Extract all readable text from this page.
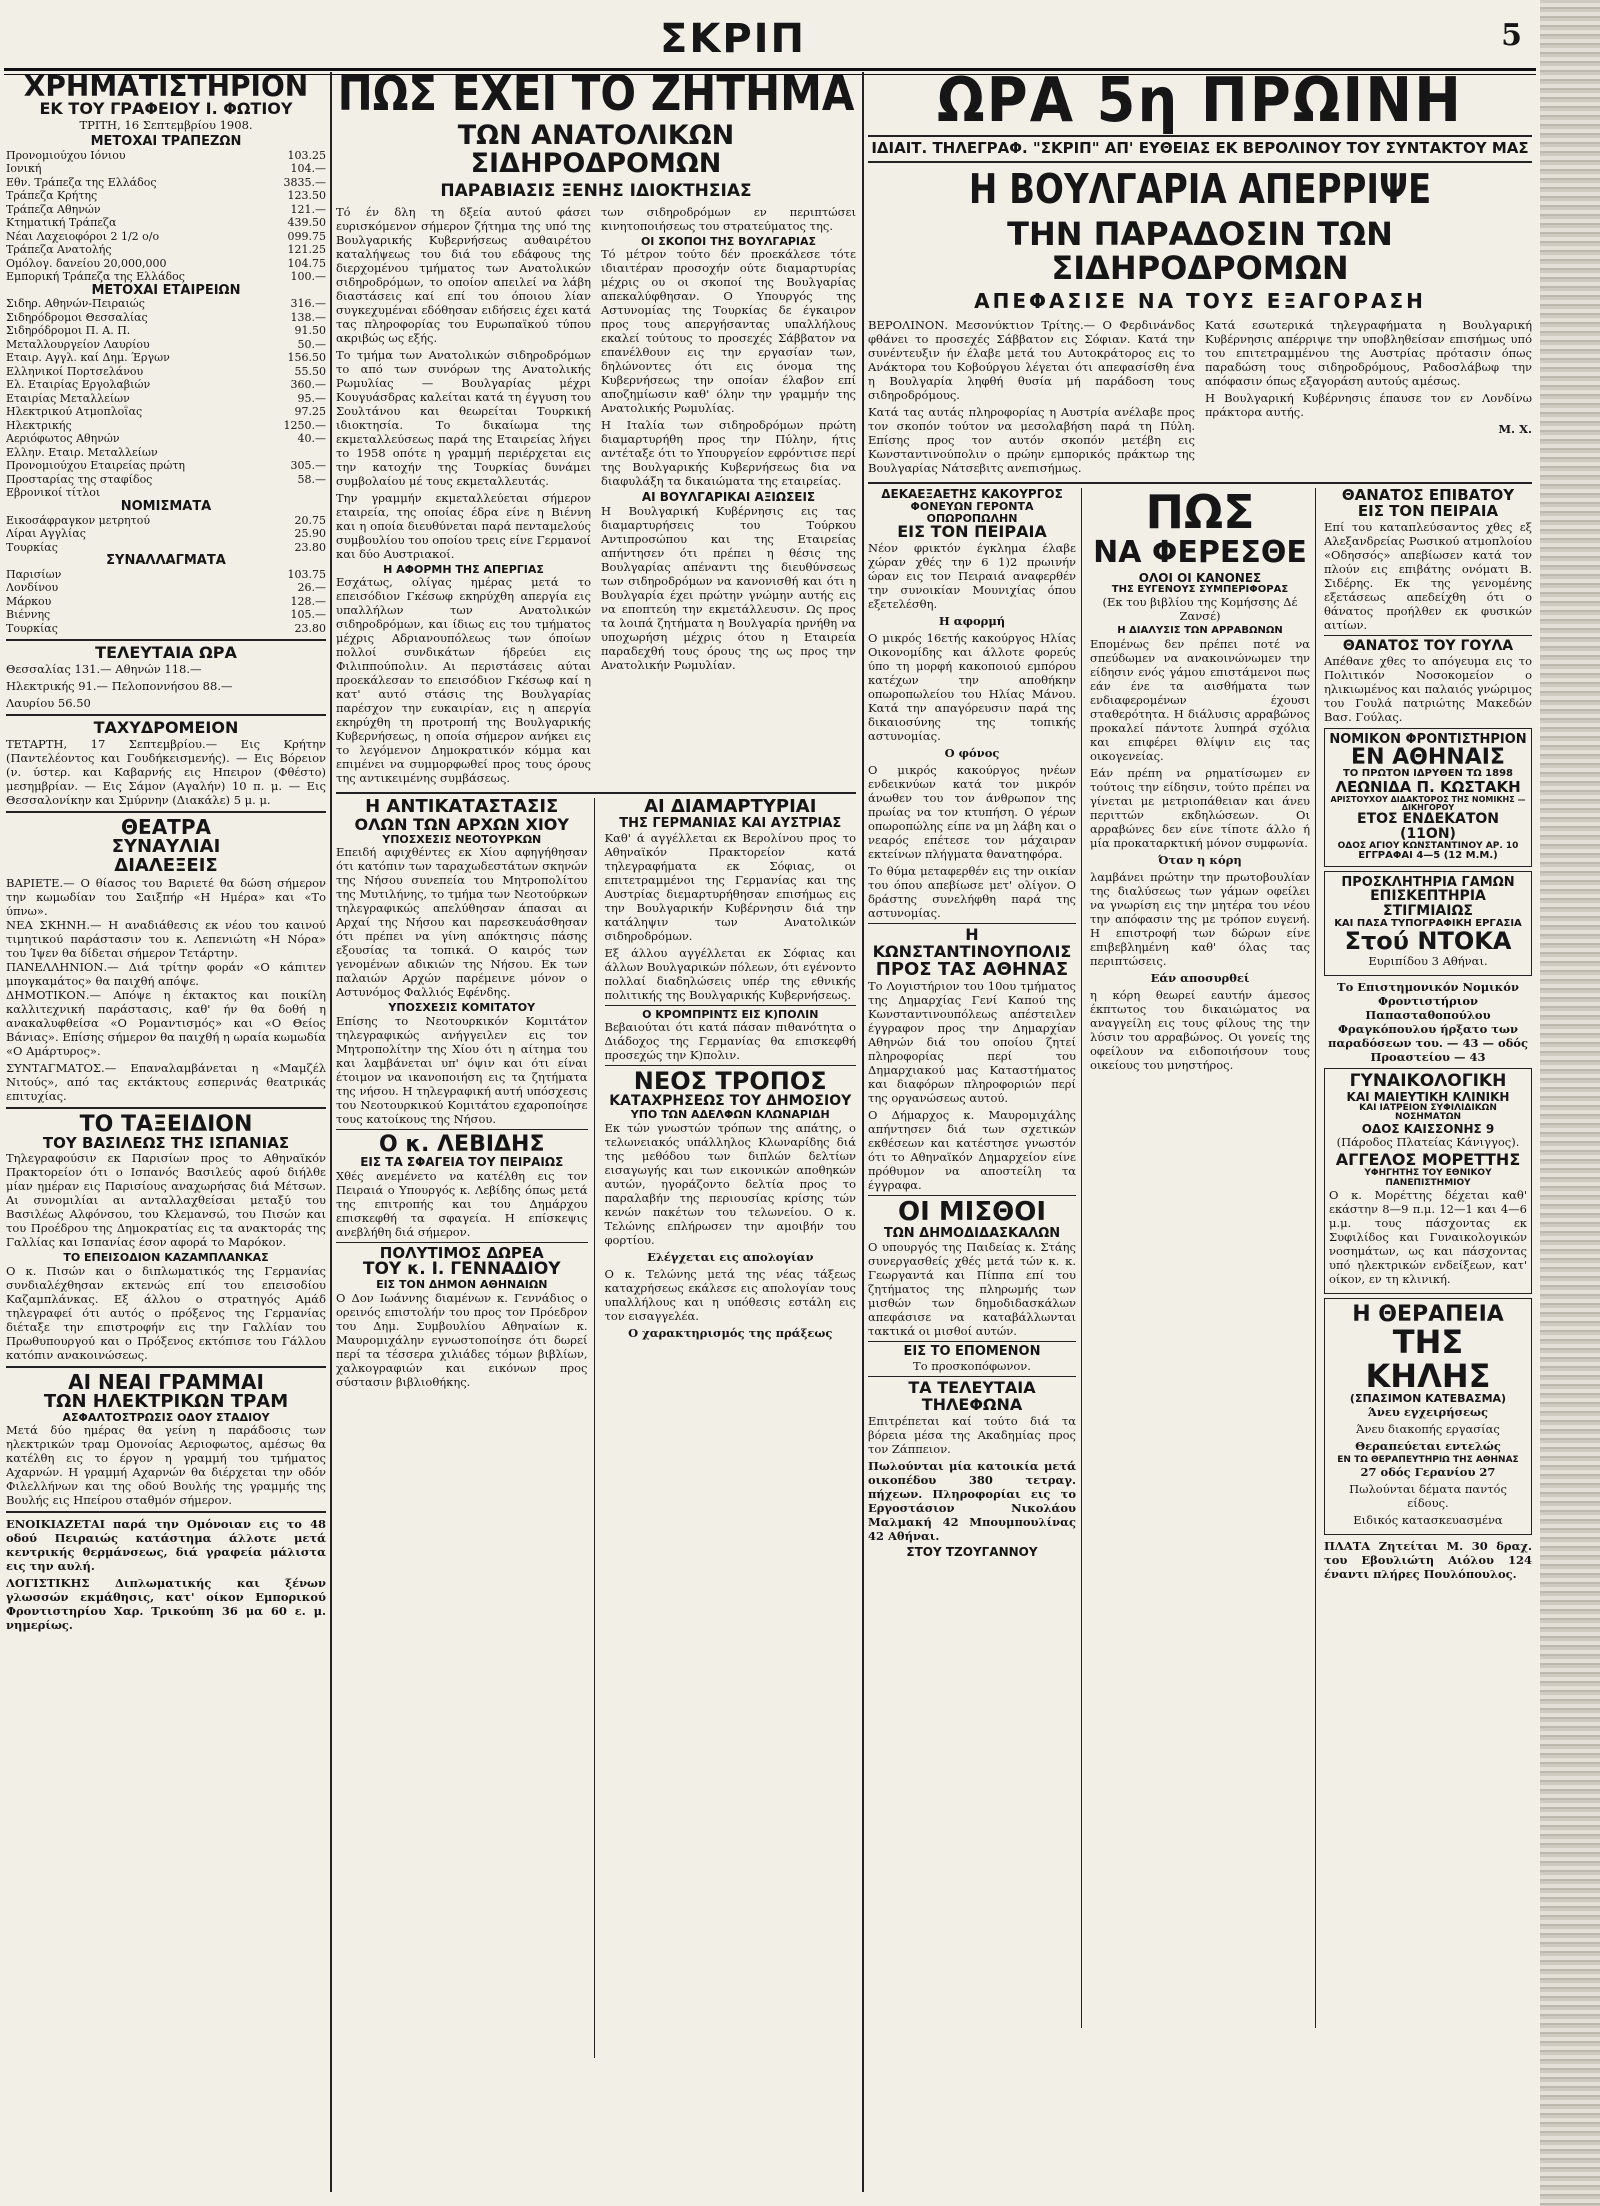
ΣΚΡΙΠ	5
ΧΡΗΜΑΤΙΣΤΗΡΙΟΝ
ΕΚ ΤΟΥ ΓΡΑΦΕΙΟΥ Ι. ΦΩΤΙΟΥ
ΤΡΙΤΗ, 16 Σεπτεμβρίου 1908.
ΜΕΤΟΧΑΙ ΤΡΑΠΕΖΩΝ
Προνομιούχου Ιόνιου	103.25
Ιονική	104.—
Εθν. Τράπεζα της Ελλάδος	3835.—
Τράπεζα Κρήτης	123.50
Τράπεζα Αθηνών	121.—
Κτηματική Τράπεζα	439.50
Νέαι Λαχειοφόροι 2 1/2 ο/ο	099.75
Τράπεζα Ανατολής	121.25
Ομόλογ. δανείου 20,000,000	104.75
Εμπορική Τράπεζα της Ελλάδος	100.—
ΜΕΤΟΧΑΙ ΕΤΑΙΡΕΙΩΝ
Σιδηρ. Αθηνών-Πειραιώς	316.—
Σιδηρόδρομοι Θεσσαλίας	138.—
Σιδηρόδρομοι Π. Α. Π.	91.50
Μεταλλουργείον Λαυρίου	50.—
Εταιρ. Αγγλ. καί Δημ. Έργων	156.50
Ελληνικοί Πορτσελάνου	55.50
Ελ. Εταιρίας Εργολαβιών	360.—
Εταιρίας Μεταλλείων	95.—
Ηλεκτρικού Ατμοπλοΐας	97.25
Ηλεκτρικής	1250.—
Αεριόφωτος Αθηνών	40.—
Ελλην. Εταιρ. Μεταλλείων
Προνομιούχου Εταιρείας πρώτη	305.—
Προσταρίας της σταφίδος	58.—
Εβρονικοί τίτλοι
ΝΟΜΙΣΜΑΤΑ
Εικοσάφραγκον μετρητού	20.75
Λίραι Αγγλίας	25.90
Τουρκίας	23.80
ΣΥΝΑΛΛΑΓΜΑΤΑ
Παρισίων	103.75
Λονδίνου	26.—
Μάρκου	128.—
Βιέννης	105.—
Τουρκίας	23.80
ΤΕΛΕΥΤΑΙΑ ΩΡΑ
Θεσσαλίας 131.— Αθηνών 118.—
Ηλεκτρικής 91.— Πελοποννήσου 88.—
Λαυρίου 56.50
ΤΑΧΥΔΡΟΜΕΙΟΝ
ΤΕΤΑΡΤΗ, 17 Σεπτεμβρίου.— Εις Κρήτην (Παντελέοντος και Γουδήκεισμενής). — Εις Βόρειον (ν. ύστερ. και Καβαρνής εις Ηπειρον (Φθέστο) μεσημβρίαν. — Εις Σάμον (Αγαλήν) 10 π. μ. — Εις Θεσσαλονίκην και Σμύρνην (Διακάλε) 5 μ. μ.
ΘΕΑΤΡΑ
ΣΥΝΑΥΛΙΑΙ
ΔΙΑΛΕΞΕΙΣ
ΒΑΡΙΕΤΕ.— Ο θίασος του Βαριετέ θα δώση σήμερον την κωμωδίαν του Σαιξπήρ «Η Ημέρα» και «Το ύπνω».
ΝΕΑ ΣΚΗΝΗ.— Η αναδιάθεσις εκ νέου του καινού τιμητικού παράστασιν του κ. Λεπενιώτη «Η Νόρα» του Ίψεν θα δίδεται σήμερον Τετάρτην.
ΠΑΝΕΛΛΗΝΙΟΝ.— Διά τρίτην φοράν «Ο κάπιτεν μπογκαμάτος» θα παιχθή απόψε.
ΔΗΜΟΤΙΚΟΝ.— Απόψε η έκτακτος και ποικίλη καλλιτεχνική παράστασις, καθ' ήν θα δοθή η ανακαλυφθείσα «Ο Ρομαντισμός» και «Ο Θείος Βάνιας». Επίσης σήμερον θα παιχθή η ωραία κωμωδία «Ο Αμάρτυρος».
ΣΥΝΤΑΓΜΑΤΟΣ.— Επαναλαμβάνεται η «Μαμζέλ Νιτούς», από τας εκτάκτους εσπερινάς θεατρικάς επιτυχίας.
ΤΟ ΤΑΞΕΙΔΙΟΝ
ΤΟΥ ΒΑΣΙΛΕΩΣ ΤΗΣ ΙΣΠΑΝΙΑΣ
Τηλεγραφούσιν εκ Παρισίων προς το Αθηναϊκόν Πρακτορείον ότι ο Ισπανός Βασιλεύς αφού διήλθε μίαν ημέραν εις Παρισίους αναχωρήσας διά Μέτσων. Αι συνομιλίαι αι ανταλλαχθείσαι μεταξύ του Βασιλέως Αλφόνσου, του Κλεμανσώ, του Πισών και του Προέδρου της Δημοκρατίας εις τα ανακτοράς της Γαλλίας και Ισπανίας έσον αφορά το Μαρόκον.
ΤΟ ΕΠΕΙΣΟΔΙΟΝ ΚΑΖΑΜΠΛΑΝΚΑΣ
Ο κ. Πισών και ο διπλωματικός της Γερμανίας συνδιαλέχθησαν εκτενώς επί του επεισοδίου Καζαμπλάνκας. Εξ άλλου ο στρατηγός Αμάδ τηλεγραφεί ότι αυτός ο πρόξενος της Γερμανίας διέταξε την επιστροφήν εις την Γαλλίαν του Πρωθυπουργού και ο Πρόξενος εκτόπισε του Γάλλου κατόπιν ανακοινώσεως.
ΑΙ ΝΕΑΙ ΓΡΑΜΜΑΙ
ΤΩΝ ΗΛΕΚΤΡΙΚΩΝ ΤΡΑΜ
ΑΣΦΑΛΤΟΣΤΡΩΣΙΣ ΟΔΟΥ ΣΤΑΔΙΟΥ
Μετά δύο ημέρας θα γείνη η παράδοσις των ηλεκτρικών τραμ Ομονοίας Αεριοφωτος, αμέσως θα κατέλθη εις το έργον η γραμμή του τμήματος Αχαρνών. Η γραμμή Αχαρνών θα διέρχεται την οδόν Φιλελλήνων και της οδού Βουλής της γραμμής της Βουλής εις Ηπείρου σταθμόν σήμερον.
ΕΝΟΙΚΙΑΖΕΤΑΙ παρά την Ομόνοιαν εις το 48 οδού Πειραιώς κατάστημα άλλοτε μετά κεντρικής θερμάνσεως, διά γραφεία μάλιστα εις την αυλή.
ΛΟΓΙΣΤΙΚΗΣ Διπλωματικής και ξένων γλωσσών εκμάθησις, κατ' οίκον Εμπορικού Φροντιστηρίου Χαρ. Τρικούπη 36 μα 60 ε. μ. νημερίως.
ΠΩΣ ΕΧΕΙ ΤΟ ΖΗΤΗΜΑ
ΤΩΝ ΑΝΑΤΟΛΙΚΩΝ ΣΙΔΗΡΟΔΡΟΜΩΝ
ΠΑΡΑΒΙΑΣΙΣ ΞΕΝΗΣ ΙΔΙΟΚΤΗΣΙΑΣ
Τό έν δλη τη δξεία αυτού φάσει ευρισκόμενον σήμερον ζήτημα της υπό της Βουλγαρικής Κυβερνήσεως αυθαιρέτου καταλήψεως του διά του εδάφους της διερχομένου τμήματος των Ανατολικών σιδηροδρόμων, το οποίον απειλεί να λάβη διαστάσεις καί επί του όποιου λίαν συγκεχυμέναι εδόθησαν ειδήσεις έχει κατά τας πληροφορίας του Ευρωπαϊκού τύπου ακριβώς ως εξής.
Το τμήμα των Ανατολικών σιδηροδρόμων το από των συνόρων της Ανατολικής Ρωμυλίας — Βουλγαρίας μέχρι Κουγυάσδρας καλείται κατά τη έγγυση του Σουλτάνου και θεωρείται Τουρκική ιδιοκτησία. Το δικαίωμα της εκμεταλλεύσεως παρά της Εταιρείας λήγει το 1958 οπότε η γραμμή περιέρχεται εις την κατοχήν της Τουρκίας δυνάμει συμβολαίου μέ τους εκμεταλλευτάς.
Την γραμμήν εκμεταλλεύεται σήμερον εταιρεία, της οποίας έδρα είνε η Βιέννη και η οποία διευθύνεται παρά πενταμελούς συμβουλίου του οποίου τρεις είνε Γερμανοί και δύο Αυστριακοί.
Η ΑΦΟΡΜΗ ΤΗΣ ΑΠΕΡΓΙΑΣ
Εσχάτως, ολίγας ημέρας μετά το επεισόδιον Γκέσωφ εκηρύχθη απεργία εις υπαλλήλων των Ανατολικών σιδηροδρόμων, και ίδιως εις του τμήματος μέχρις Αδριανουπόλεως των όποίων πολλοί συνδικάτων ήδρεύει εις Φιλιππούπολιν. Αι περιστάσεις αύται προεκάλεσαν το επεισόδιον Γκέσωφ καί η κατ' αυτό στάσις της Βουλγαρίας παρέσχον την ευκαιρίαν, εις η απεργία εκηρύχθη τη προτροπή της Βουλγαρικής Κυβερνήσεως, η οποία σήμερον ανήκει εις το λεγόμενον Δημοκρατικόν κόμμα και επιμένει να συμμορφωθεί προς τους όρους της αντικειμένης συμβάσεως.
των σιδηροδρόμων εν περιπτώσει κινητοποιήσεως του στρατεύματος της.
ΟΙ ΣΚΟΠΟΙ ΤΗΣ ΒΟΥΛΓΑΡΙΑΣ
Τό μέτρον τούτο δέν προεκάλεσε τότε ιδιαιτέραν προσοχήν ούτε διαμαρτυρίας μέχρις ου οι σκοποί της Βουλγαρίας απεκαλύφθησαν. Ο Υπουργός της Αστυνομίας της Τουρκίας δε έγκαιρον προς τους απεργήσαντας υπαλλήλους εκαλεί τούτους το προσεχές Σάββατον να επανέλθουν εις την εργασίαν των, δηλώνοντες ότι εις όνομα της Κυβερνήσεως την οποίαν έλαβον επί αποζημίωσιν καθ' όλην την γραμμήν της Ανατολικής Ρωμυλίας.
Η Ιταλία των σιδηροδρόμων πρώτη διαμαρτυρήθη προς την Πύλην, ήτις αντέταξε ότι το Υπουργείον εφρόντισε περί της Βουλγαρικής Κυβερνήσεως δια να διαφυλάξη τα δικαιώματα της εταιρείας.
ΑΙ ΒΟΥΛΓΑΡΙΚΑΙ ΑΞΙΩΣΕΙΣ
Η Βουλγαρική Κυβέρνησις εις τας διαμαρτυρήσεις του Τούρκου Αντιπροσώπου και της Εταιρείας απήντησεν ότι πρέπει η θέσις της Βουλγαρίας απέναντι της διευθύνσεως των σιδηροδρόμων να κανονισθή και ότι η Βουλγαρία έχει πρώτην γνώμην αυτής εις να εποπτεύη την εκμετάλλευσιν. Ως προς τα λοιπά ζητήματα η Βουλγαρία ηρνήθη να υποχωρήση μέχρις ότου η Εταιρεία παραδεχθή τους όρους της ως προς την Ανατολικήν Ρωμυλίαν.
Η ΑΝΤΙΚΑΤΑΣΤΑΣΙΣ
ΟΛΩΝ ΤΩΝ ΑΡΧΩΝ ΧΙΟΥ
ΥΠΟΣΧΕΣΙΣ ΝΕΟΤΟΥΡΚΩΝ
Επειδή αφιχθέντες εκ Χίου αφηγήθησαν ότι κατόπιν των ταραχωδεστάτων σκηνών της Νήσου συνεπεία του Μητροπολίτου της Μυτιλήνης, το τμήμα των Νεοτούρκων τηλεγραφικώς απελύθησαν άπασαι αι Αρχαί της Νήσου και παρεσκευάσθησαν ότι πρέπει να γίνη απόκτησις πάσης εξουσίας τα τοπικά. Ο καιρός των γενομένων αδικιών της Νήσου. Εκ των παλαιών Αρχών παρέμεινε μόνον ο Αστυνόμος Φαλλιός Εφένδης.
ΥΠΟΣΧΕΣΙΣ ΚΟΜΙΤΑΤΟΥ
Επίσης το Νεοτουρκικόν Κομιτάτον τηλεγραφικώς ανήγγειλεν εις τον Μητροπολίτην της Χίου ότι η αίτημα του και λαμβάνεται υπ' όψιν και ότι είναι έτοιμον να ικανοποιήση εις τα ζητήματα της νήσου. Η τηλεγραφική αυτή υπόσχεσις του Νεοτουρκικού Κομιτάτου εχαροποίησε τους κατοίκους της Νήσου.
Ο κ. ΛΕΒΙΔΗΣ
ΕΙΣ ΤΑ ΣΦΑΓΕΙΑ ΤΟΥ ΠΕΙΡΑΙΩΣ
Χθές ανεμένετο να κατέλθη εις τον Πειραιά ο Υπουργός κ. Λεβίδης όπως μετά της επιτροπής και του Δημάρχου επισκεφθή τα σφαγεία. Η επίσκεψις ανεβλήθη διά σήμερον.
ΠΟΛΥΤΙΜΟΣ ΔΩΡΕΑ
ΤΟΥ κ. Ι. ΓΕΝΝΑΔΙΟΥ
ΕΙΣ ΤΟΝ ΔΗΜΟΝ ΑΘΗΝΑΙΩΝ
Ο Δον Ιωάννης διαμένων κ. Γεννάδιος ο ορεινός επιστολήν του προς τον Πρόεδρον του Δημ. Συμβουλίου Αθηναίων κ. Μαυρομιχάλην εγνωστοποίησε ότι δωρεί περί τα τέσσερα χιλιάδες τόμων βιβλίων, χαλκογραφιών και εικόνων προς σύστασιν βιβλιοθήκης.
ΑΙ ΔΙΑΜΑΡΤΥΡΙΑΙ
ΤΗΣ ΓΕΡΜΑΝΙΑΣ ΚΑΙ ΑΥΣΤΡΙΑΣ
Καθ' ά αγγέλλεται εκ Βερολίνου προς το Αθηναϊκόν Πρακτορείον κατά τηλεγραφήματα εκ Σόφιας, οι επιτετραμμένοι της Γερμανίας και της Αυστρίας διεμαρτυρήθησαν επισήμως εις την Βουλγαρικήν Κυβέρνησιν διά την κατάληψιν των Ανατολικών σιδηροδρόμων.
Εξ άλλου αγγέλλεται εκ Σόφιας και άλλων Βουλγαρικών πόλεων, ότι εγένοντο πολλαί διαδηλώσεις υπέρ της εθνικής πολιτικής της Βουλγαρικής Κυβερνήσεως.
Ο ΚΡΟΜΠΡΙΝΤΣ ΕΙΣ Κ)ΠΟΛΙΝ
Βεβαιούται ότι κατά πάσαν πιθανότητα ο Διάδοχος της Γερμανίας θα επισκεφθή προσεχώς την Κ)πολιν.
ΝΕΟΣ ΤΡΟΠΟΣ
ΚΑΤΑΧΡΗΣΕΩΣ ΤΟΥ ΔΗΜΟΣΙΟΥ
ΥΠΟ ΤΩΝ ΑΔΕΛΦΩΝ ΚΛΩΝΑΡΙΔΗ
Εκ τών γνωστών τρόπων της απάτης, ο τελωνειακός υπάλληλος Κλωναρίδης διά της μεθόδου των διπλών δελτίων εισαγωγής και των εικονικών αποθηκών αυτών, ηγοράζοντο δελτία προς το παραλαβήν της περιουσίας κρίσης τών κενών πακέτων του τελωνείου. Ο κ. Τελώνης επλήρωσεν την αμοιβήν του φορτίου.
Ελέγχεται εις απολογίαν
Ο κ. Τελώνης μετά της νέας τάξεως καταχρήσεως εκάλεσε εις απολογίαν τους υπαλλήλους και η υπόθεσις εστάλη εις τον εισαγγελέα.
Ο χαρακτηρισμός της πράξεως
ΩΡΑ 5η ΠΡΩΙΝΗ
ΙΔΙΑΙΤ. ΤΗΛΕΓΡΑΦ. "ΣΚΡΙΠ" ΑΠ' ΕΥΘΕΙΑΣ ΕΚ ΒΕΡΟΛΙΝΟΥ ΤΟΥ ΣΥΝΤΑΚΤΟΥ ΜΑΣ
Η ΒΟΥΛΓΑΡΙΑ ΑΠΕΡΡΙΨΕ
ΤΗΝ ΠΑΡΑΔΟΣΙΝ ΤΩΝ ΣΙΔΗΡΟΔΡΟΜΩΝ
ΑΠΕΦΑΣΙΣΕ ΝΑ ΤΟΥΣ ΕΞΑΓΟΡΑΣΗ
ΒΕΡΟΛΙΝΟΝ. Μεσονύκτιον Τρίτης.— Ο Φερδινάνδος φθάνει το προσεχές Σάββατον εις Σόφιαν. Κατά την συνέντευξιν ήν έλαβε μετά του Αυτοκράτορος εις το Ανάκτορα του Κοβούργου λέγεται ότι απεφασίσθη ένα η Βουλγαρία ληφθή θυσία μή παράδοση τους σιδηροδρόμους.
Κατά τας αυτάς πληροφορίας η Αυστρία ανέλαβε προς τον σκοπόν τούτον να μεσολαβήση παρά τη Πύλη. Επίσης προς τον αυτόν σκοπόν μετέβη εις Κωνσταντινούπολιν ο πρώην εμπορικός πράκτωρ της Βουλγαρίας Νάτσεβιτς ανεπισήμως.
Κατά εσωτερικά τηλεγραφήματα η Βουλγαρική Κυβέρνησις απέρριψε την υποβληθείσαν επισήμως υπό του επιτετραμμένου της Αυστρίας πρότασιν όπως παραδώση τους σιδηροδρόμους, Ραδοσλάβωφ την απόφασιν όπως εξαγοράση αυτούς αμέσως.
Η Βουλγαρική Κυβέρνησις έπαυσε τον εν Λονδίνω πράκτορα αυτής.
Μ. Χ.
ΔΕΚΑΕΞΑΕΤΗΣ ΚΑΚΟΥΡΓΟΣ
ΦΟΝΕΥΩΝ ΓΕΡΟΝΤΑ ΟΠΩΡΟΠΩΛΗΝ
ΕΙΣ ΤΟΝ ΠΕΙΡΑΙΑ
Νέον φρικτόν έγκλημα έλαβε χώραν χθές την 6 1)2 πρωινήν ώραν εις τον Πειραιά αναφερθέν την συνοικίαν Μουνιχίας όπου εξετελέσθη.
Η αφορμή
Ο μικρός 16ετής κακούργος Ηλίας Οικονομίδης και άλλοτε φορεύς ύπο τη μορφή κακοποιού εμπόρου κατέχων την αποθήκην οπωροπωλείου του Ηλίας Μάνου. Κατά την απαγόρευσιν παρά της δικαιοσύνης της τοπικής αστυνομίας.
Ο φόνος
Ο μικρός κακούργος ηνέων ενδεικνύων κατά τον μικρόν άνωθεν του τον άνθρωπον της πρωίας να τον κτυπήση. Ο γέρων οπωροπώλης είπε να μη λάβη και ο νεαρός επέτεσε τον μάχαιραν εκτείνων πλήγματα θανατηφόρα.
Το θύμα μεταφερθέν εις την οικίαν του όπου απεβίωσε μετ' ολίγον. Ο δράστης συνελήφθη παρά της αστυνομίας.
Η ΚΩΝΣΤΑΝΤΙΝΟΥΠΟΛΙΣ
ΠΡΟΣ ΤΑΣ ΑΘΗΝΑΣ
Το Λογιστήριον του 10ου τμήματος της Δημαρχίας Γενί Καπού της Κωνσταντινουπόλεως απέστειλεν έγγραφον προς την Δημαρχίαν Αθηνών διά του οποίου ζητεί πληροφορίας περί του Δημαρχιακού μας Καταστήματος και διαφόρων πληροφοριών περί της οργανώσεως αυτού.
Ο Δήμαρχος κ. Μαυρομιχάλης απήντησεν διά των σχετικών εκθέσεων και κατέστησε γνωστόν ότι το Αθηναϊκόν Δημαρχείον είνε πρόθυμον να αποστείλη τα έγγραφα.
ΟΙ ΜΙΣΘΟΙ
ΤΩΝ ΔΗΜΟΔΙΔΑΣΚΑΛΩΝ
Ο υπουργός της Παιδείας κ. Στάης συνεργασθείς χθές μετά τών κ. κ. Γεωργαντά και Πίππα επί του ζητήματος της πληρωμής των μισθών των δημοδιδασκάλων απεφάσισε να καταβάλλωνται τακτικά οι μισθοί αυτών.
ΕΙΣ ΤΟ ΕΠΟΜΕΝΟΝ
Το προσκοπόφωνον.
ΤΑ ΤΕΛΕΥΤΑΙΑ ΤΗΛΕΦΩΝΑ
Επιτρέπεται καί τούτο διά τα βόρεια μέσα της Ακαδημίας προς τον Ζάππειον.
Πωλούνται μία κατοικία μετά οικοπέδου 380 τετραγ. πήχεων. Πληροφορίαι εις το Εργοστάσιον Νικολάου Μαλμακή 42 Μπουμπουλίνας 42 Αθήναι.
ΣΤΟΥ ΤΖΟΥΓΑΝΝΟΥ
ΠΩΣ
ΝΑ ΦΕΡΕΣΘΕ
ΟΛΟΙ ΟΙ ΚΑΝΟΝΕΣ
ΤΗΣ ΕΥΓΕΝΟΥΣ ΣΥΜΠΕΡΙΦΟΡΑΣ
(Εκ του βιβλίου της Κομήσσης Δέ Ζανσέ)
Η ΔΙΑΛΥΣΙΣ ΤΩΝ ΑΡΡΑΒΩΝΩΝ
Επομένως δεν πρέπει ποτέ να σπεύδωμεν να ανακοινώνωμεν την είδησιν ενός γάμου επιστάμενοι πως εάν ένε τα αισθήματα των ενδιαφερομένων έχουσι σταθερότητα. Η διάλυσις αρραβώνος προκαλεί πάντοτε λυπηρά σχόλια και επιφέρει θλίψιν εις τας οικογενείας.
Εάν πρέπη να ρηματίσωμεν εν τούτοις την είδησιν, τούτο πρέπει να γίνεται με μετριοπάθειαν και άνευ περιττών εκδηλώσεων. Οι αρραβώνες δεν είνε τίποτε άλλο ή μία προκαταρκτική μόνον συμφωνία.
Όταν η κόρη
λαμβάνει πρώτην την πρωτοβουλίαν της διαλύσεως των γάμων οφείλει να γνωρίση εις την μητέρα του νέου την απόφασιν της με τρόπον ευγενή. Η επιστροφή των δώρων είνε επιβεβλημένη καθ' όλας τας περιπτώσεις.
Εάν αποσυρθεί
η κόρη θεωρεί εαυτήν άμεσος έκπτωτος του δικαιώματος να αναγγείλη εις τους φίλους της την λύσιν του αρραβώνος. Οι γονείς της οφείλουν να ειδοποιήσουν τους οικείους του μνηστήρος.
ΘΑΝΑΤΟΣ ΕΠΙΒΑΤΟΥ
ΕΙΣ ΤΟΝ ΠΕΙΡΑΙΑ
Επί του καταπλεύσαντος χθες εξ Αλεξανδρείας Ρωσικού ατμοπλοίου «Οδησσός» απεβίωσεν κατά τον πλούν εις επιβάτης ονόματι Β. Σιδέρης. Εκ της γενομένης εξετάσεως απεδείχθη ότι ο θάνατος προήλθεν εκ φυσικών αιτίων.
ΘΑΝΑΤΟΣ ΤΟΥ ΓΟΥΛΑ
Απέθανε χθες το απόγευμα εις το Πολιτικόν Νοσοκομείον ο ηλικιωμένος και παλαιός γνώριμος του Γουλά πατριώτης Μακεδών Βασ. Γούλας.
ΝΟΜΙΚΟΝ ΦΡΟΝΤΙΣΤΗΡΙΟΝ
ΕΝ ΑΘΗΝΑΙΣ
ΤΟ ΠΡΩΤΟΝ ΙΔΡΥΘΕΝ ΤΩ 1898
ΛΕΩΝΙΔΑ Π. ΚΩΣΤΑΚΗ
ΑΡΙΣΤΟΥΧΟΥ ΔΙΔΑΚΤΟΡΟΣ ΤΗΣ ΝΟΜΙΚΗΣ — ΔΙΚΗΓΟΡΟΥ
ΕΤΟΣ ΕΝΔΕΚΑΤΟΝ (11ΟΝ)
ΟΔΟΣ ΑΓΙΟΥ ΚΩΝΣΤΑΝΤΙΝΟΥ ΑΡ. 10
ΕΓΓΡΑΦΑΙ 4—5 (12 Μ.Μ.)
ΠΡΟΣΚΛΗΤΗΡΙΑ ΓΑΜΩΝ
ΕΠΙΣΚΕΠΤΗΡΙΑ ΣΤΙΓΜΙΑΙΩΣ
ΚΑΙ ΠΑΣΑ ΤΥΠΟΓΡΑΦΙΚΗ ΕΡΓΑΣΙΑ
Στού ΝΤΟΚΑ
Ευριπίδου 3 Αθήναι.
Το Επιστημονικόν Νομικόν Φροντιστήριον Παπασταθοπούλου Φραγκόπουλου ήρξατο των παραδόσεων του. — 43 — οδός Προαστείου — 43
ΓΥΝΑΙΚΟΛΟΓΙΚΗ
ΚΑΙ ΜΑΙΕΥΤΙΚΗ ΚΛΙΝΙΚΗ
ΚΑΙ ΙΑΤΡΕΙΟΝ ΣΥΦΙΛΙΔΙΚΩΝ ΝΟΣΗΜΑΤΩΝ
ΟΔΟΣ ΚΑΙΣΣΟΝΗΣ 9
(Πάροδος Πλατείας Κάνιγγος).
ΑΓΓΕΛΟΣ ΜΟΡΕΤΤΗΣ
ΥΦΗΓΗΤΗΣ ΤΟΥ ΕΘΝΙΚΟΥ ΠΑΝΕΠΙΣΤΗΜΙΟΥ
Ο κ. Μορέττης δέχεται καθ' εκάστην 8—9 π.μ. 12—1 και 4—6 μ.μ. τους πάσχοντας εκ Συφιλίδος και Γυναικολογικών νοσημάτων, ως και πάσχοντας υπό ηλεκτρικών ενδείξεων, κατ' οίκον, εν τη κλινική.
Η ΘΕΡΑΠΕΙΑ
ΤΗΣ ΚΗΛΗΣ
(ΣΠΑΣΙΜΟΝ ΚΑΤΕΒΑΣΜΑ)
Άνευ εγχειρήσεως
Άνευ διακοπής εργασίας
Θεραπεύεται εντελώς
ΕΝ ΤΩ ΘΕΡΑΠΕΥΤΗΡΙΩ ΤΗΣ ΑΘΗΝΑΣ
27 οδός Γερανίου 27
Πωλούνται δέματα παντός είδους.
Ειδικός κατασκευασμένα
ΠΛΑΤΑ Ζητείται Μ. 30 δραχ. του Εβουλιώτη Αιόλου 124 έναντι πλήρες Πουλόπουλος.
